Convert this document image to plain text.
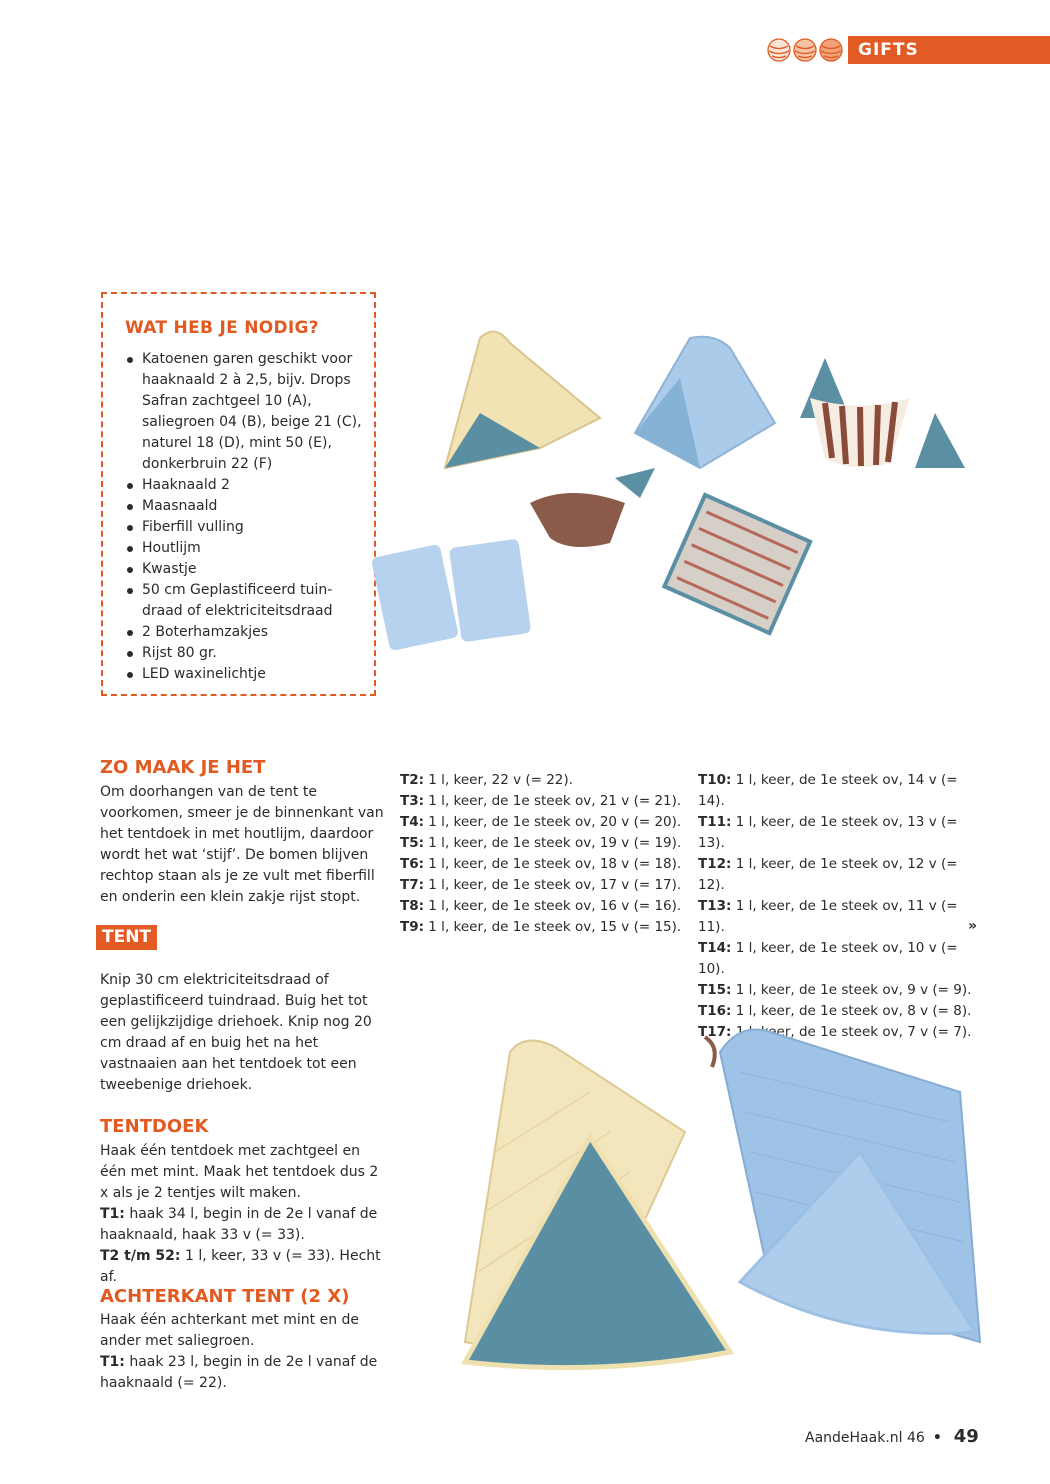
GIFTS
WAT HEB JE NODIG?
Katoenen garen geschikt voor haaknaald 2 à 2,5, bijv. Drops Safran zachtgeel 10 (A), saliegroen 04 (B), beige 21 (C), naturel 18 (D), mint 50 (E), donkerbruin 22 (F)
Haaknaald 2
Maasnaald
Fiberfill vulling
Houtlijm
Kwastje
50 cm Geplastificeerd tuin-draad of elektriciteitsdraad
2 Boterhamzakjes
Rijst 80 gr.
LED waxinelichtje
ZO MAAK JE HET

Om doorhangen van de tent te voorkomen, smeer je de binnenkant van het tentdoek in met houtlijm, daardoor wordt het wat ‘stijf’. De bomen blijven rechtop staan als je ze vult met fiberfill en onderin een klein zakje rijst stopt.

TENT

Knip 30 cm elektriciteitsdraad of geplastificeerd tuindraad. Buig het tot een gelijkzijdige driehoek. Knip nog 20 cm draad af en buig het na het vastnaaien aan het tentdoek tot een tweebenige driehoek.

TENTDOEK

Haak één tentdoek met zachtgeel en één met mint. Maak het tentdoek dus 2 x als je 2 tentjes wilt maken.
T1: haak 34 l, begin in de 2e l vanaf de haaknaald, haak 33 v (= 33).
T2 t/m 52: 1 l, keer, 33 v (= 33). Hecht af.

ACHTERKANT TENT (2 X)

Haak één achterkant met mint en de ander met saliegroen.
T1: haak 23 l, begin in de 2e l vanaf de haaknaald (= 22).

T2: 1 l, keer, 22 v (= 22).
T3: 1 l, keer, de 1e steek ov, 21 v (= 21).
T4: 1 l, keer, de 1e steek ov, 20 v (= 20).
T5: 1 l, keer, de 1e steek ov, 19 v (= 19).
T6: 1 l, keer, de 1e steek ov, 18 v (= 18).
T7: 1 l, keer, de 1e steek ov, 17 v (= 17).
T8: 1 l, keer, de 1e steek ov, 16 v (= 16).
T9: 1 l, keer, de 1e steek ov, 15 v (= 15).
T10: 1 l, keer, de 1e steek ov, 14 v (= 14).
T11: 1 l, keer, de 1e steek ov, 13 v (= 13).
T12: 1 l, keer, de 1e steek ov, 12 v (= 12).
T13: 1 l, keer, de 1e steek ov, 11 v (= 11).
T14: 1 l, keer, de 1e steek ov, 10 v (= 10).
T15: 1 l, keer, de 1e steek ov, 9 v (= 9).
T16: 1 l, keer, de 1e steek ov, 8 v (= 8).
T17: 1 l, keer, de 1e steek ov, 7 v (= 7).
»
AandeHaak.nl 46 • 49
